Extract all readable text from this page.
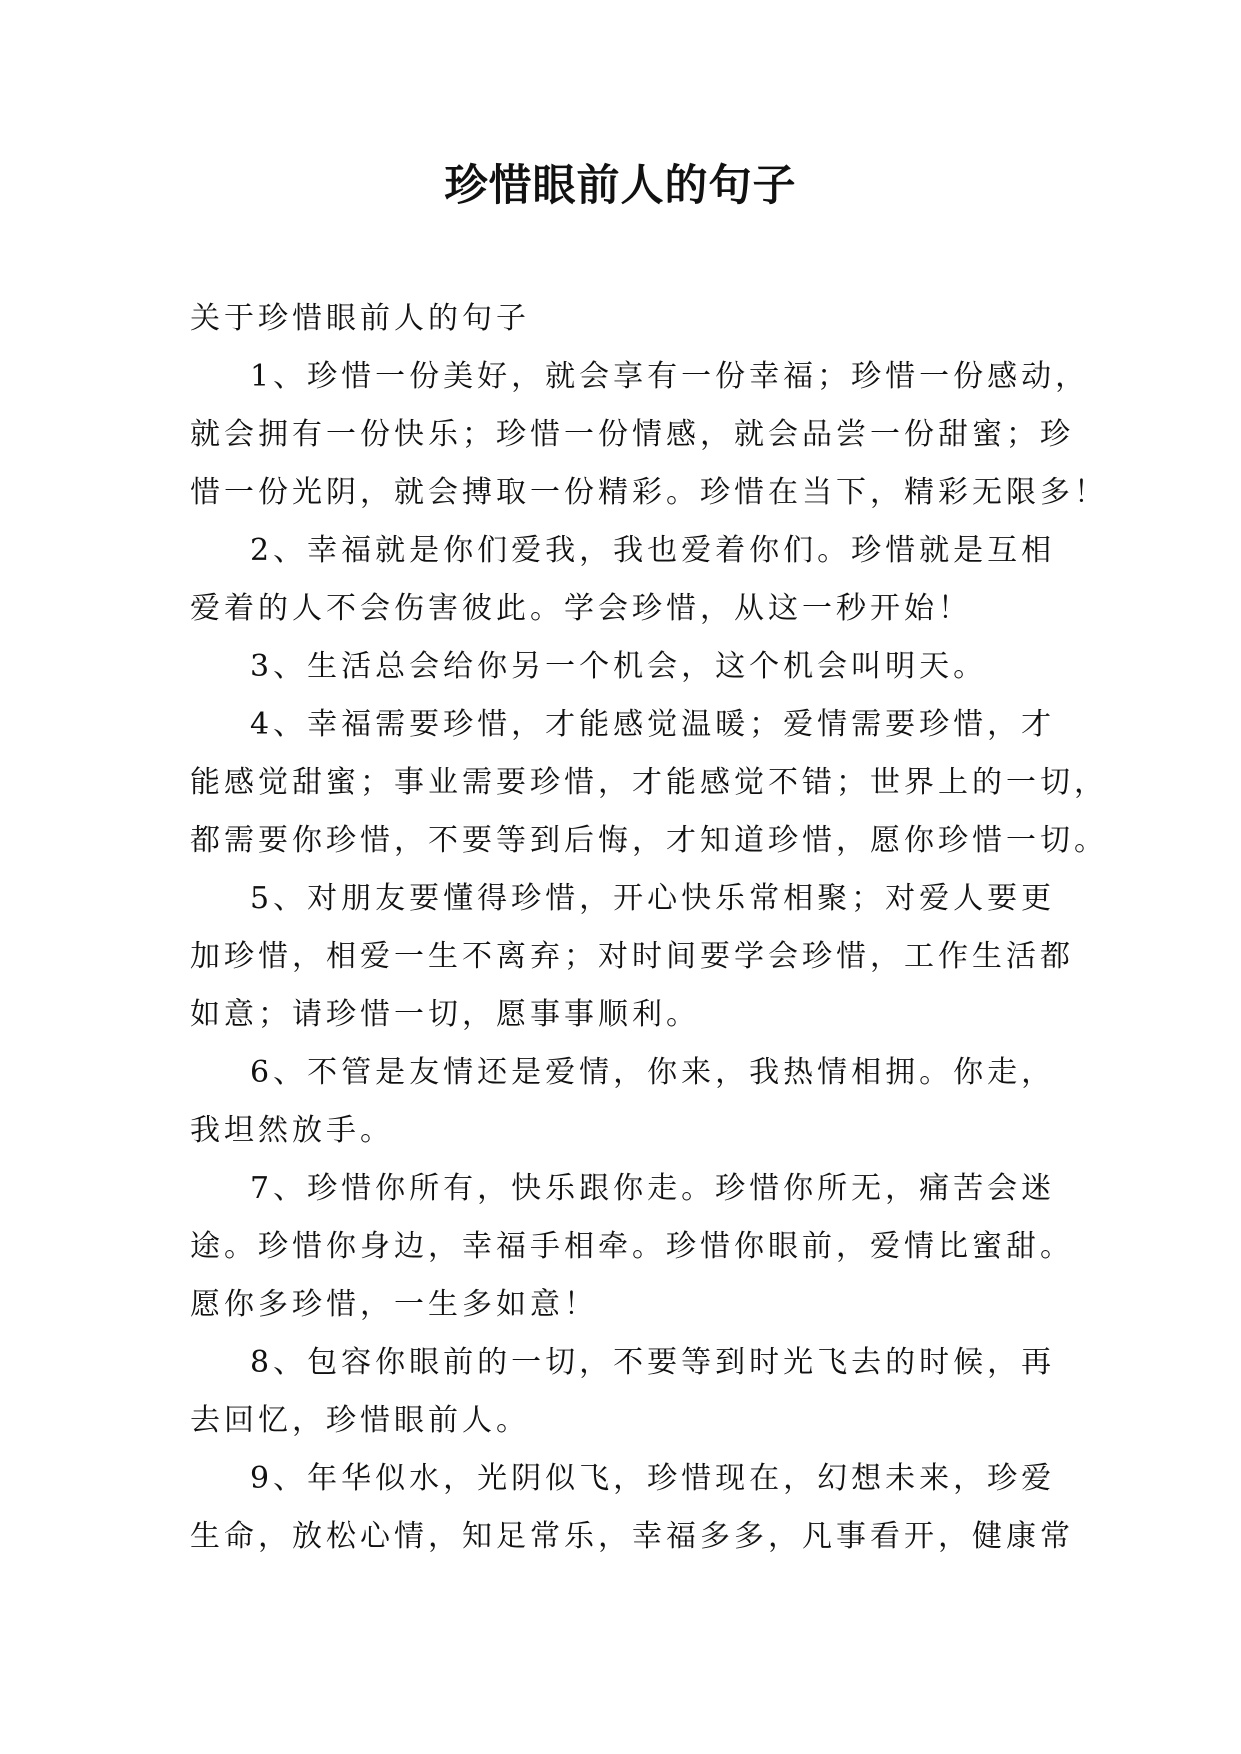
珍惜眼前人的句子
关于珍惜眼前人的句子
1、珍惜一份美好，就会享有一份幸福；珍惜一份感动，
就会拥有一份快乐；珍惜一份情感，就会品尝一份甜蜜；珍
惜一份光阴，就会搏取一份精彩。珍惜在当下，精彩无限多！
2、幸福就是你们爱我，我也爱着你们。珍惜就是互相
爱着的人不会伤害彼此。学会珍惜，从这一秒开始！
3、生活总会给你另一个机会，这个机会叫明天。
4、幸福需要珍惜，才能感觉温暖；爱情需要珍惜，才
能感觉甜蜜；事业需要珍惜，才能感觉不错；世界上的一切，
都需要你珍惜，不要等到后悔，才知道珍惜，愿你珍惜一切。
5、对朋友要懂得珍惜，开心快乐常相聚；对爱人要更
加珍惜，相爱一生不离弃；对时间要学会珍惜，工作生活都
如意；请珍惜一切，愿事事顺利。
6、不管是友情还是爱情，你来，我热情相拥。你走，
我坦然放手。
7、珍惜你所有，快乐跟你走。珍惜你所无，痛苦会迷
途。珍惜你身边，幸福手相牵。珍惜你眼前，爱情比蜜甜。
愿你多珍惜，一生多如意！
8、包容你眼前的一切，不要等到时光飞去的时候，再
去回忆，珍惜眼前人。
9、年华似水，光阴似飞，珍惜现在，幻想未来，珍爱
生命，放松心情，知足常乐，幸福多多，凡事看开，健康常
